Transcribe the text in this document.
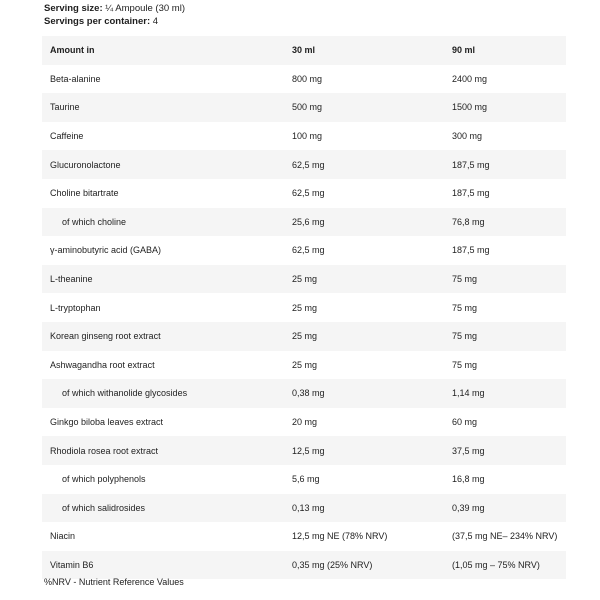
Serving size: ¼ Ampoule (30 ml)
Servings per container: 4
Amount in	30 ml	90 ml
Beta-alanine	800 mg	2400 mg
Taurine	500 mg	1500 mg
Caffeine	100 mg	300 mg
Glucuronolactone	62,5 mg	187,5 mg
Choline bitartrate	62,5 mg	187,5 mg
of which choline	25,6 mg	76,8 mg
γ-aminobutyric acid (GABA)	62,5 mg	187,5 mg
L-theanine	25 mg	75 mg
L-tryptophan	25 mg	75 mg
Korean ginseng root extract	25 mg	75 mg
Ashwagandha root extract	25 mg	75 mg
of which withanolide glycosides	0,38 mg	1,14 mg
Ginkgo biloba leaves extract	20 mg	60 mg
Rhodiola rosea root extract	12,5 mg	37,5 mg
of which polyphenols	5,6 mg	16,8 mg
of which salidrosides	0,13 mg	0,39 mg
Niacin	12,5 mg NE (78% NRV)	(37,5 mg NE– 234% NRV)
Vitamin B6	0,35 mg (25% NRV)	(1,05 mg – 75% NRV)
%NRV - Nutrient Reference Values
